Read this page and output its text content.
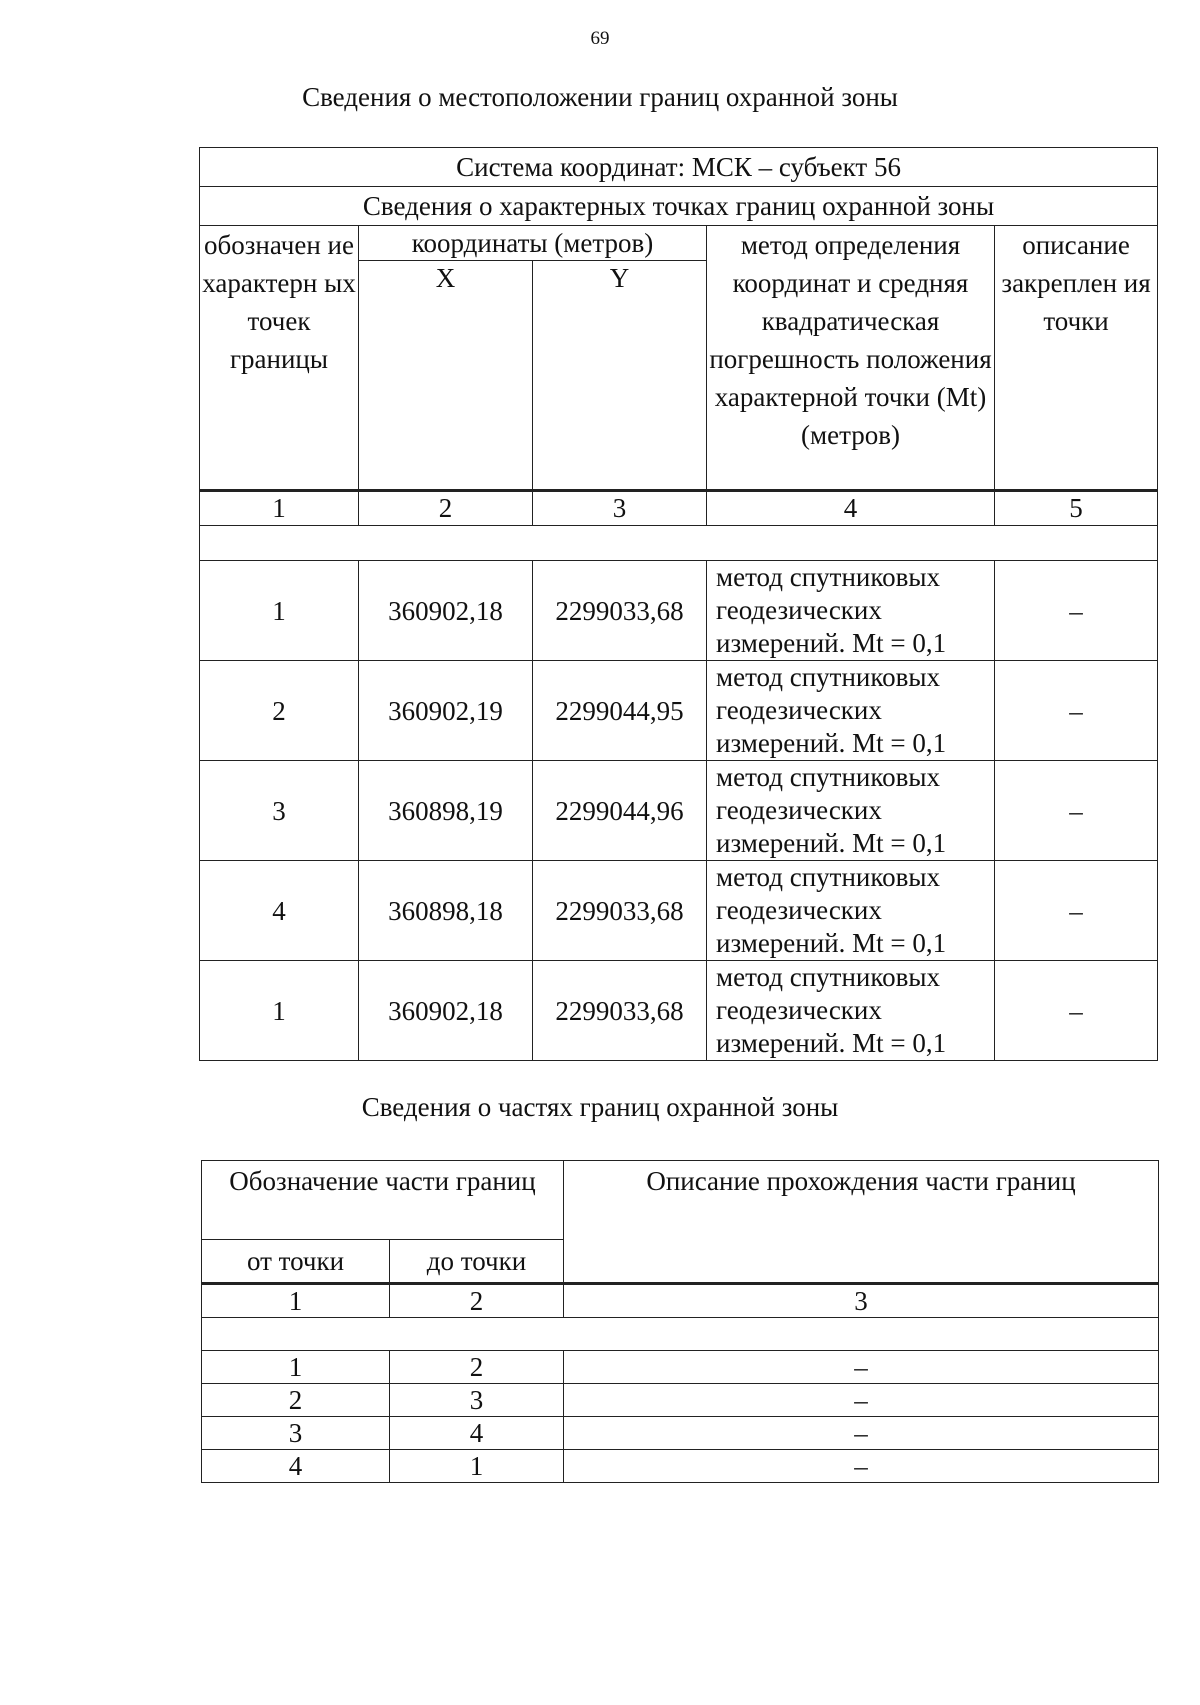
69
Сведения о местоположении границ охранной зоны
Система координат: МСК – субъект 56				
Сведения о характерных точках границ охранной зоны				
обозначен ие характерн ых точек границы	координаты (метров)		метод определения координат и средняя квадратическая погрешность положения характерной точки (Mt) (метров)	описание закреплен ия точки
	X	Y		
1	2	3	4	5

1	360902,18	2299033,68	метод спутниковых геодезических измерений. Mt = 0,1	–
2	360902,19	2299044,95	метод спутниковых геодезических измерений. Mt = 0,1	–
3	360898,19	2299044,96	метод спутниковых геодезических измерений. Mt = 0,1	–
4	360898,18	2299033,68	метод спутниковых геодезических измерений. Mt = 0,1	–
1	360902,18	2299033,68	метод спутниковых геодезических измерений. Mt = 0,1	–
Сведения о частях границ охранной зоны
Обозначение части границ		Описание прохождения части границ
от точки	до точки	
1	2	3

1	2	–
2	3	–
3	4	–
4	1	–
